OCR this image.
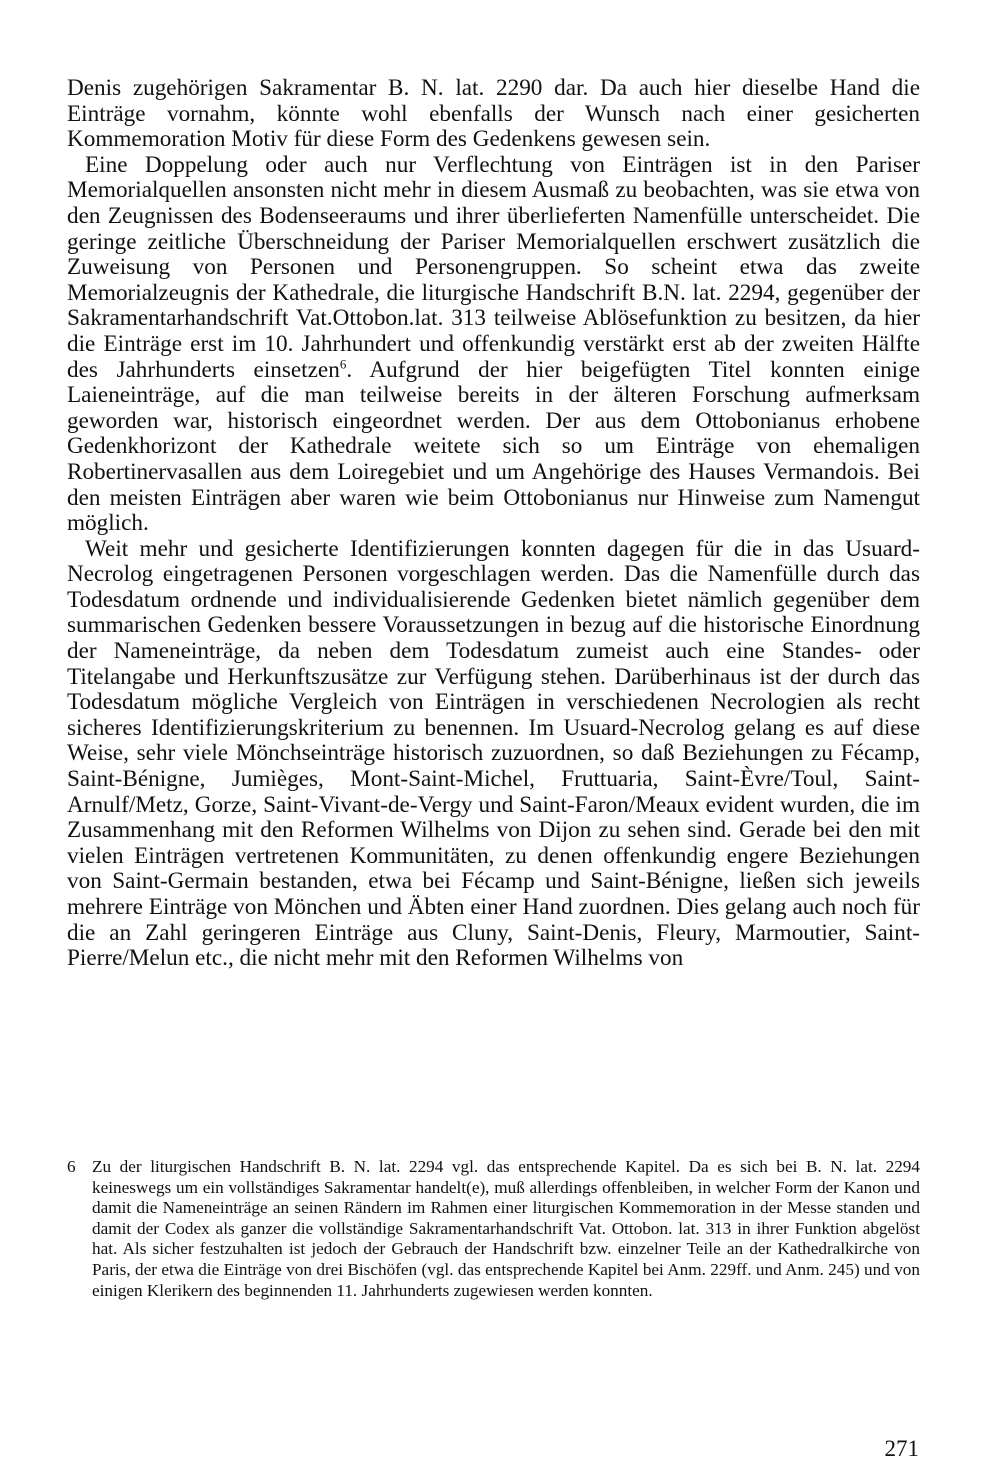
Denis zugehörigen Sakramentar B. N. lat. 2290 dar. Da auch hier dieselbe Hand die Einträge vornahm, könnte wohl ebenfalls der Wunsch nach einer gesicherten Kommemoration Motiv für diese Form des Gedenkens gewesen sein.

Eine Doppelung oder auch nur Verflechtung von Einträgen ist in den Pariser Memorialquellen ansonsten nicht mehr in diesem Ausmaß zu beobachten, was sie etwa von den Zeugnissen des Bodenseeraums und ihrer überlieferten Namenfülle unterscheidet. Die geringe zeitliche Überschneidung der Pariser Memorialquellen erschwert zusätzlich die Zuweisung von Personen und Personengruppen. So scheint etwa das zweite Memorialzeugnis der Kathedrale, die liturgische Handschrift B.N. lat. 2294, gegenüber der Sakramentarhandschrift Vat.Ottobon.lat. 313 teilweise Ablösefunktion zu besitzen, da hier die Einträge erst im 10. Jahrhundert und offenkundig verstärkt erst ab der zweiten Hälfte des Jahrhunderts einsetzen$^6$. Aufgrund der hier beigefügten Titel konnten einige Laieneinträge, auf die man teilweise bereits in der älteren Forschung aufmerksam geworden war, historisch eingeordnet werden. Der aus dem Ottobonianus erhobene Gedenkhorizont der Kathedrale weitete sich so um Einträge von ehemaligen Robertinervasallen aus dem Loiregebiet und um Angehörige des Hauses Vermandois. Bei den meisten Einträgen aber waren wie beim Ottobonianus nur Hinweise zum Namengut möglich.

Weit mehr und gesicherte Identifizierungen konnten dagegen für die in das Usuard-Necrolog eingetragenen Personen vorgeschlagen werden. Das die Namenfülle durch das Todesdatum ordnende und individualisierende Gedenken bietet nämlich gegenüber dem summarischen Gedenken bessere Voraussetzungen in bezug auf die historische Einordnung der Nameneinträge, da neben dem Todesdatum zumeist auch eine Standes- oder Titelangabe und Herkunftszusätze zur Verfügung stehen. Darüberhinaus ist der durch das Todesdatum mögliche Vergleich von Einträgen in verschiedenen Necrologien als recht sicheres Identifizierungskriterium zu benennen. Im Usuard-Necrolog gelang es auf diese Weise, sehr viele Mönchseinträge historisch zuzuordnen, so daß Beziehungen zu Fécamp, Saint-Bénigne, Jumièges, Mont-Saint-Michel, Fruttuaria, Saint-Èvre/Toul, Saint-Arnulf/Metz, Gorze, Saint-Vivant-de-Vergy und Saint-Faron/Meaux evident wurden, die im Zusammenhang mit den Reformen Wilhelms von Dijon zu sehen sind. Gerade bei den mit vielen Einträgen vertretenen Kommunitäten, zu denen offenkundig engere Beziehungen von Saint-Germain bestanden, etwa bei Fécamp und Saint-Bénigne, ließen sich jeweils mehrere Einträge von Mönchen und Äbten einer Hand zuordnen. Dies gelang auch noch für die an Zahl geringeren Einträge aus Cluny, Saint-Denis, Fleury, Marmoutier, Saint-Pierre/Melun etc., die nicht mehr mit den Reformen Wilhelms von

6 Zu der liturgischen Handschrift B. N. lat. 2294 vgl. das entsprechende Kapitel. Da es sich bei B. N. lat. 2294 keineswegs um ein vollständiges Sakramentar handelt(e), muß allerdings offenbleiben, in welcher Form der Kanon und damit die Nameneinträge an seinen Rändern im Rahmen einer liturgischen Kommemoration in der Messe standen und damit der Codex als ganzer die vollständige Sakramentarhandschrift Vat. Ottobon. lat. 313 in ihrer Funktion abgelöst hat. Als sicher festzuhalten ist jedoch der Gebrauch der Handschrift bzw. einzelner Teile an der Kathedralkirche von Paris, der etwa die Einträge von drei Bischöfen (vgl. das entsprechende Kapitel bei Anm. 229ff. und Anm. 245) und von einigen Klerikern des beginnenden 11. Jahrhunderts zugewiesen werden konnten.

271
